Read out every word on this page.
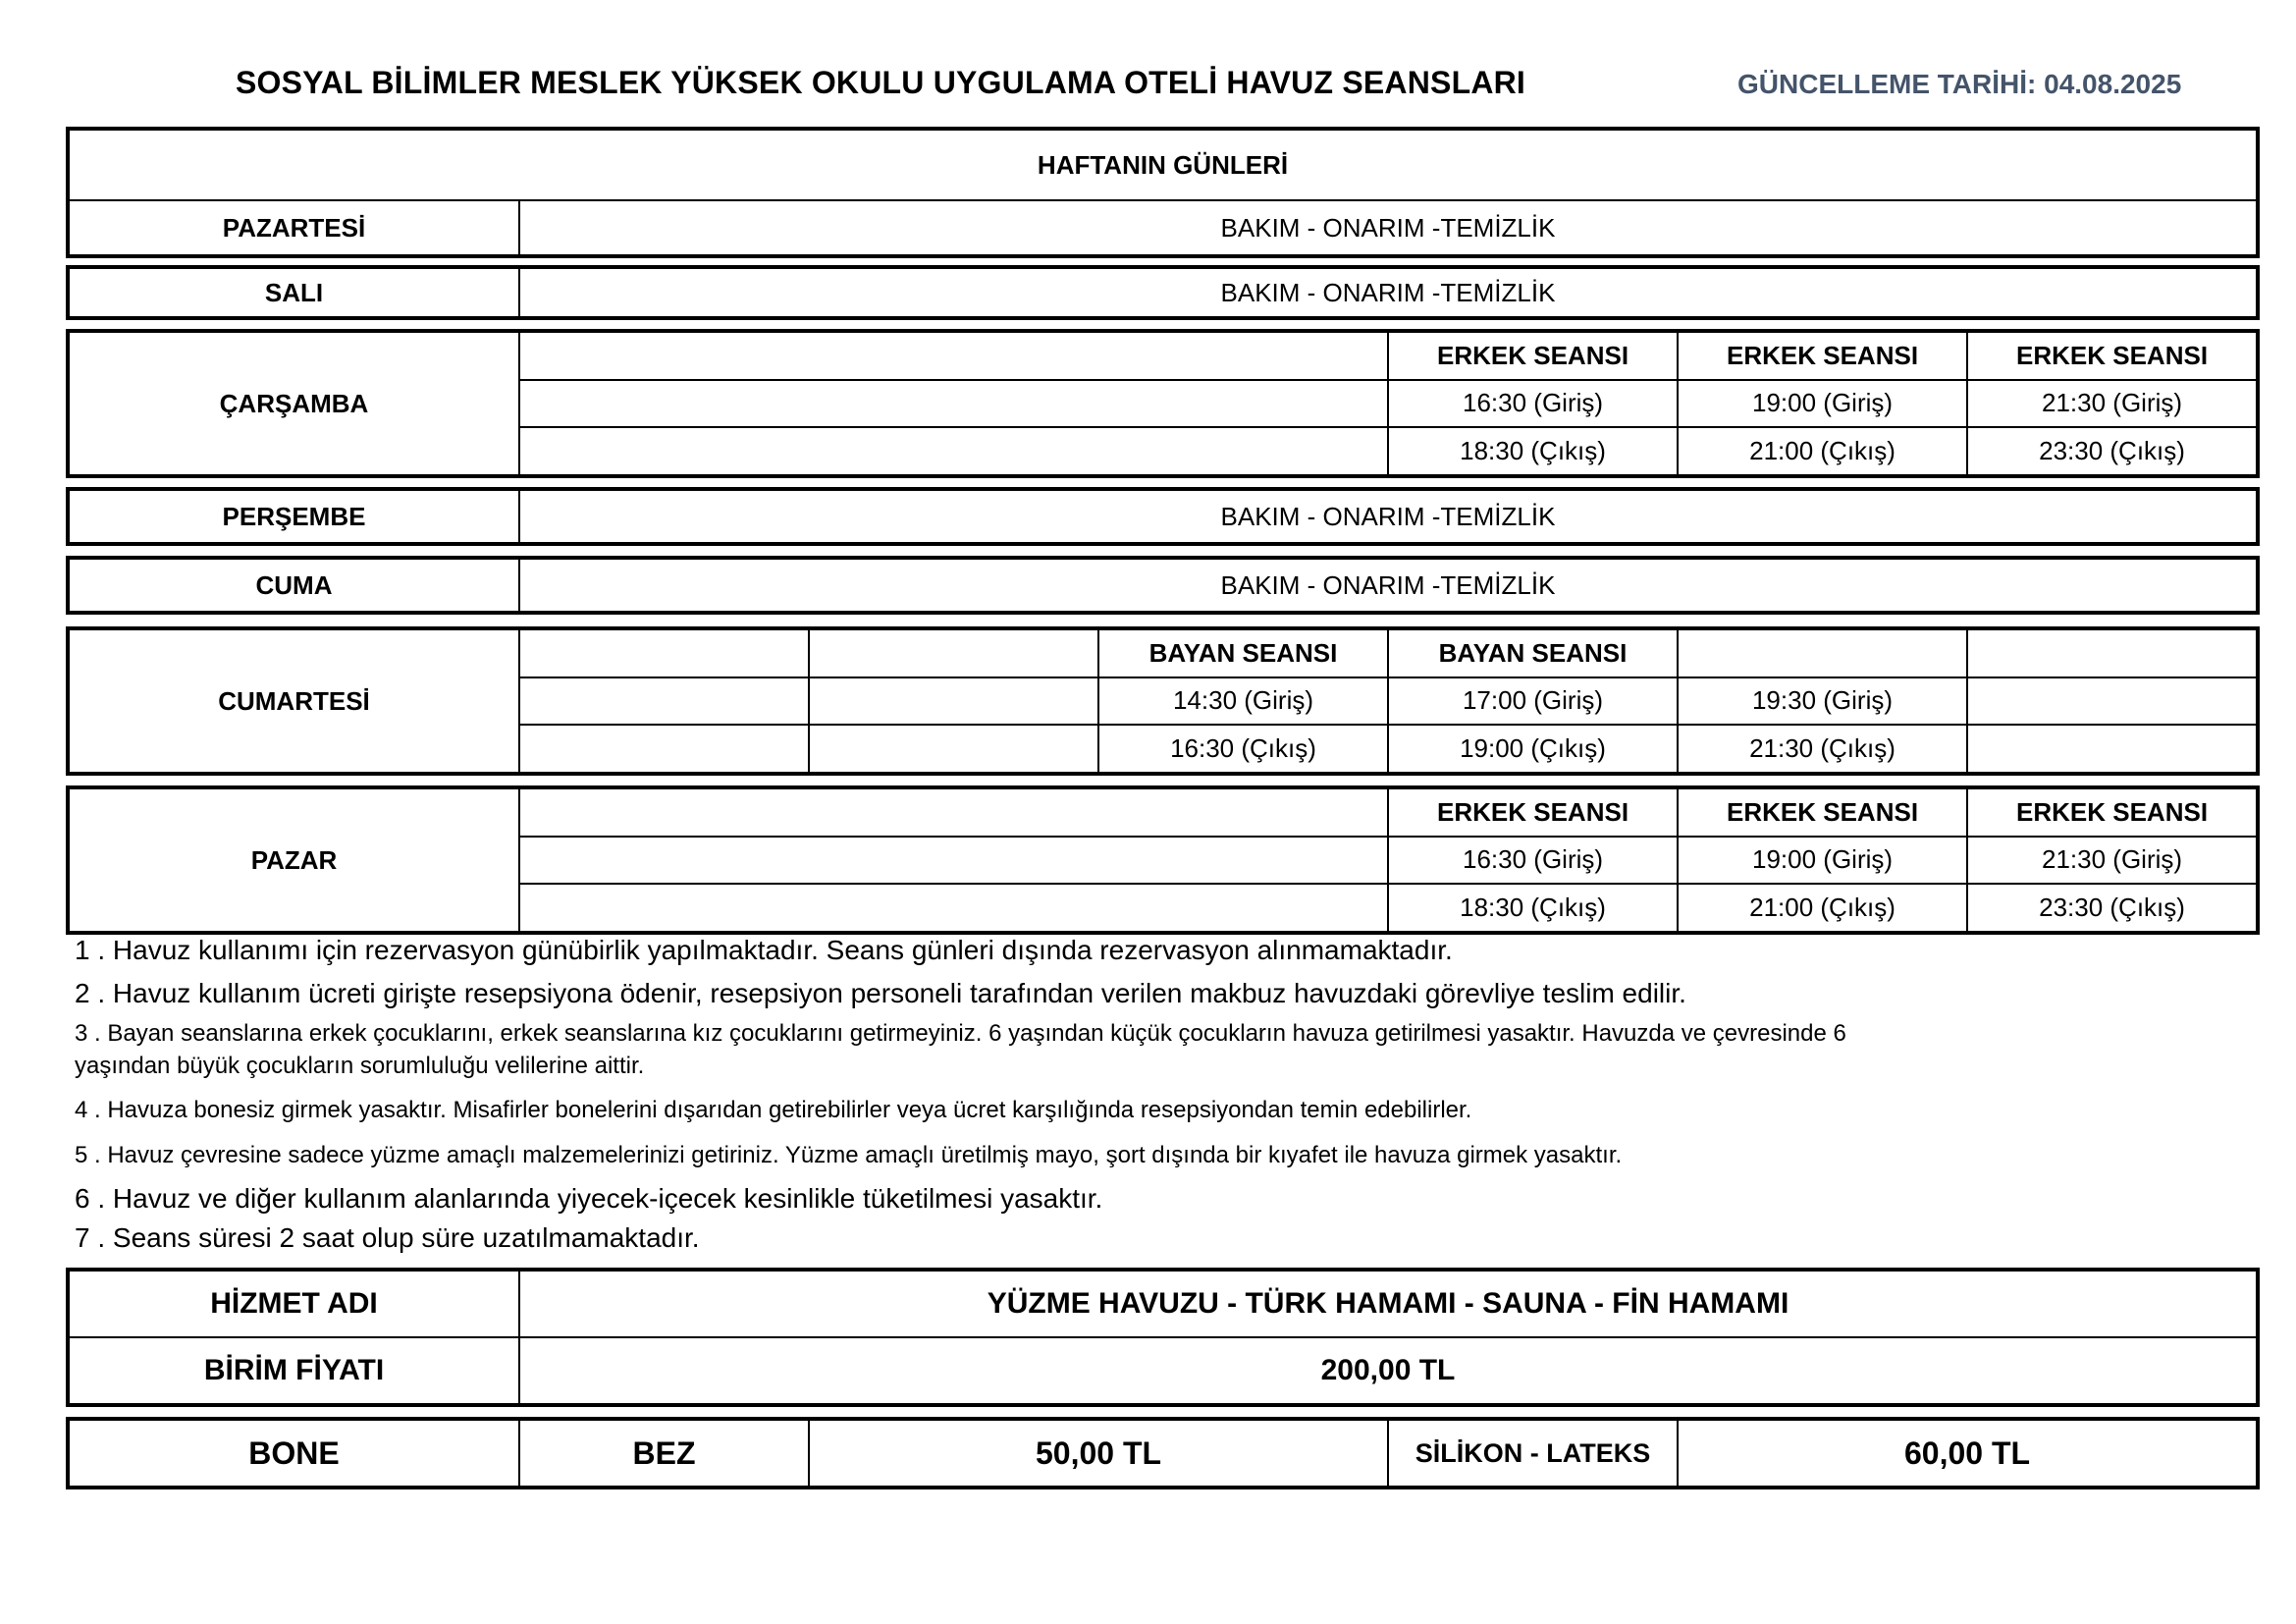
SOSYAL BİLİMLER MESLEK YÜKSEK OKULU UYGULAMA OTELİ HAVUZ SEANSLARI	GÜNCELLEME TARİHİ: 04.08.2025
HAFTANIN GÜNLERİ
PAZARTESİ	BAKIM - ONARIM -TEMİZLİK
SALI	BAKIM - ONARIM -TEMİZLİK
ÇARŞAMBA		ERKEK SEANSI	ERKEK SEANSI	ERKEK SEANSI
		16:30 (Giriş)	19:00 (Giriş)	21:30 (Giriş)
		18:30 (Çıkış)	21:00 (Çıkış)	23:30 (Çıkış)
PERŞEMBE	BAKIM - ONARIM -TEMİZLİK
CUMA	BAKIM - ONARIM -TEMİZLİK
CUMARTESİ			BAYAN SEANSI	BAYAN SEANSI		
			14:30 (Giriş)	17:00 (Giriş)	19:30 (Giriş)	
			16:30 (Çıkış)	19:00 (Çıkış)	21:30 (Çıkış)	
PAZAR		ERKEK SEANSI	ERKEK SEANSI	ERKEK SEANSI
		16:30 (Giriş)	19:00 (Giriş)	21:30 (Giriş)
		18:30 (Çıkış)	21:00 (Çıkış)	23:30 (Çıkış)
1 . Havuz kullanımı için rezervasyon günübirlik yapılmaktadır. Seans günleri dışında rezervasyon alınmamaktadır.
2 . Havuz kullanım ücreti girişte resepsiyona ödenir, resepsiyon personeli tarafından verilen makbuz havuzdaki görevliye teslim edilir.
3 . Bayan seanslarına erkek çocuklarını, erkek seanslarına kız çocuklarını getirmeyiniz. 6 yaşından küçük çocukların havuza getirilmesi yasaktır. Havuzda ve çevresinde 6
yaşından büyük çocukların sorumluluğu velilerine aittir.
4 . Havuza bonesiz girmek yasaktır. Misafirler bonelerini dışarıdan getirebilirler veya ücret karşılığında resepsiyondan temin edebilirler.
5 . Havuz çevresine sadece yüzme amaçlı malzemelerinizi getiriniz. Yüzme amaçlı üretilmiş mayo, şort dışında bir kıyafet ile havuza girmek yasaktır.
6 . Havuz ve diğer kullanım alanlarında yiyecek-içecek kesinlikle tüketilmesi yasaktır.
7 . Seans süresi 2 saat olup süre uzatılmamaktadır.
HİZMET ADI	YÜZME HAVUZU - TÜRK HAMAMI - SAUNA - FİN HAMAMI
BİRİM FİYATI	200,00 TL
BONE	BEZ	50,00 TL	SİLİKON - LATEKS	60,00 TL
